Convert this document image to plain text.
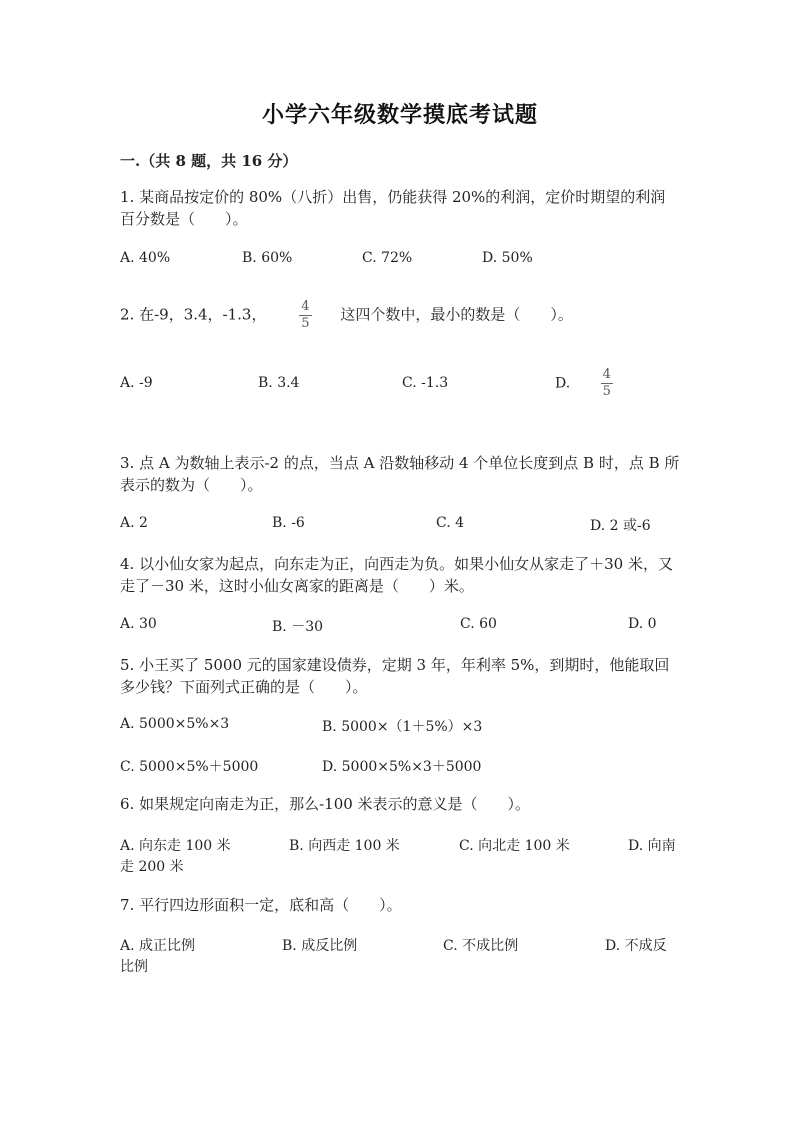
小学六年级数学摸底考试题
一.（共 8 题，共 16 分）
1. 某商品按定价的 80%（八折）出售，仍能获得 20%的利润，定价时期望的利润百分数是（　　）。
A. 40%	B. 60%	C. 72%	D. 50%
2. 在-9，3.4，-1.3，	$\frac{4}{5}$ 这四个数中，最小的数是（　　）。
A. -9	B. 3.4	C. -1.3	D. $\frac{4}{5}$
3. 点 A 为数轴上表示-2 的点，当点 A 沿数轴移动 4 个单位长度到点 B 时，点 B 所表示的数为（　　）。
A. 2	B. -6	C. 4	D. 2 或-6
4. 以小仙女家为起点，向东走为正，向西走为负。如果小仙女从家走了＋30 米，又走了－30 米，这时小仙女离家的距离是（　　）米。
A. 30	B. －30	C. 60	D. 0
5. 小王买了 5000 元的国家建设债券，定期 3 年，年利率 5%，到期时，他能取回多少钱？下面列式正确的是（　　）。
A. 5000×5%×3	B. 5000×（1＋5%）×3
C. 5000×5%＋5000	D. 5000×5%×3＋5000
6. 如果规定向南走为正，那么-100 米表示的意义是（　　）。
A. 向东走 100 米	B. 向西走 100 米	C. 向北走 100 米	D. 向南
走 200 米
7. 平行四边形面积一定，底和高（　　）。
A. 成正比例	B. 成反比例	C. 不成比例	D. 不成反
比例
